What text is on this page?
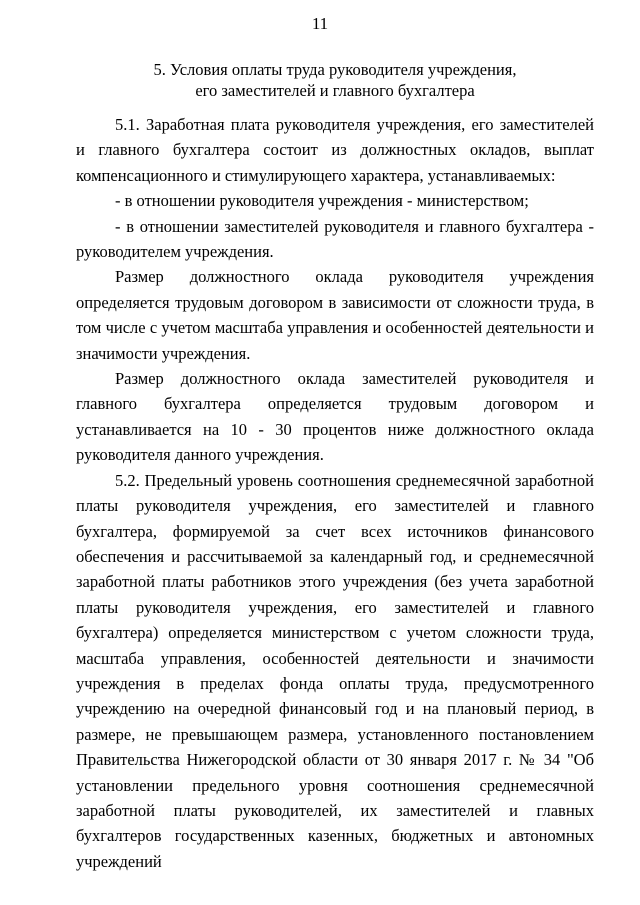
11
5. Условия оплаты труда руководителя учреждения,
его заместителей и главного бухгалтера

5.1. Заработная плата руководителя учреждения, его заместителей и главного бухгалтера состоит из должностных окладов, выплат компенсационного и стимулирующего характера, устанавливаемых:

- в отношении руководителя учреждения - министерством;

- в отношении заместителей руководителя и главного бухгалтера - руководителем учреждения.

Размер должностного оклада руководителя учреждения определяется трудовым договором в зависимости от сложности труда, в том числе с учетом масштаба управления и особенностей деятельности и значимости учреждения.

Размер должностного оклада заместителей руководителя и главного бухгалтера определяется трудовым договором и устанавливается на 10 - 30 процентов ниже должностного оклада руководителя данного учреждения.

5.2. Предельный уровень соотношения среднемесячной заработной платы руководителя учреждения, его заместителей и главного бухгалтера, формируемой за счет всех источников финансового обеспечения и рассчитываемой за календарный год, и среднемесячной заработной платы работников этого учреждения (без учета заработной платы руководителя учреждения, его заместителей и главного бухгалтера) определяется министерством с учетом сложности труда, масштаба управления, особенностей деятельности и значимости учреждения в пределах фонда оплаты труда, предусмотренного учреждению на очередной финансовый год и на плановый период, в размере, не превышающем размера, установленного постановлением Правительства Нижегородской области от 30 января 2017 г. № 34 "Об установлении предельного уровня соотношения среднемесячной заработной платы руководителей, их заместителей и главных бухгалтеров государственных казенных, бюджетных и автономных учреждений
